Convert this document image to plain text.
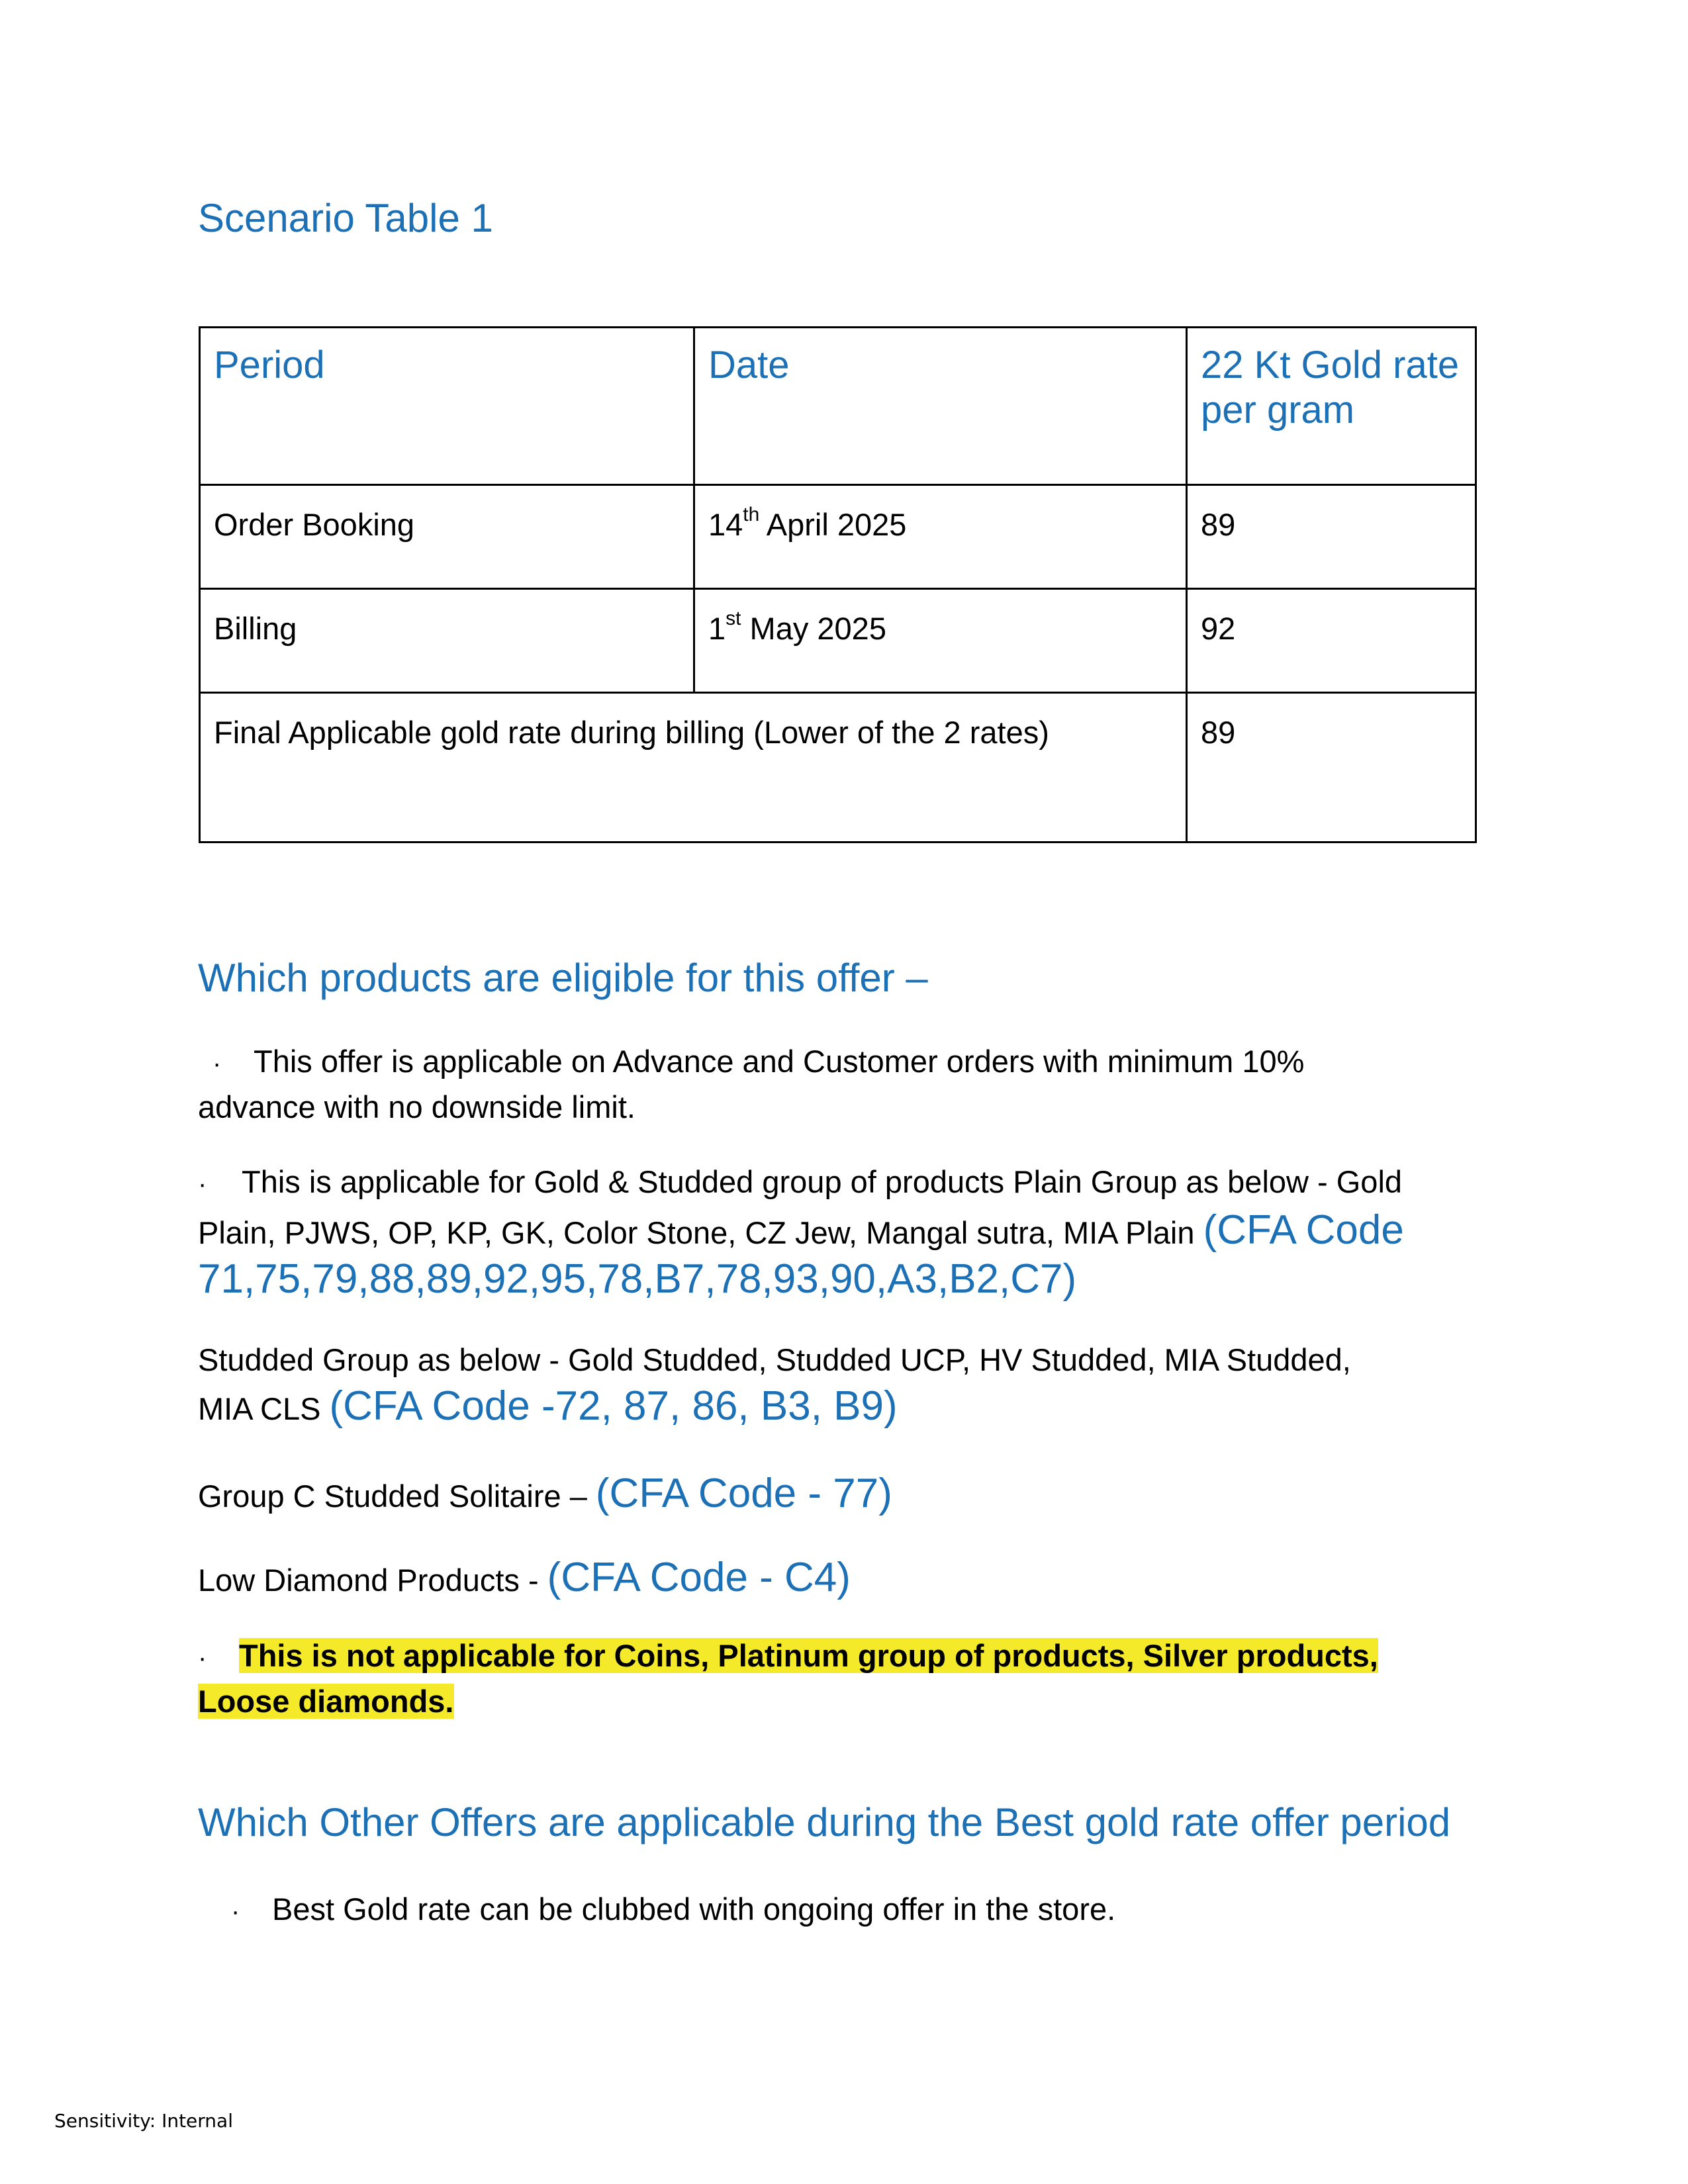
Scenario Table 1
Period	Date	22 Kt Gold rate per gram
Order Booking	14th April 2025	89
Billing	1st May 2025	92
Final Applicable gold rate during billing (Lower of the 2 rates)		89
Which products are eligible for this offer –
· This offer is applicable on Advance and Customer orders with minimum 10%
advance with no downside limit.
· This is applicable for Gold & Studded group of products Plain Group as below - Gold
Plain, PJWS, OP, KP, GK, Color Stone, CZ Jew, Mangal sutra, MIA Plain (CFA Code
71,75,79,88,89,92,95,78,B7,78,93,90,A3,B2,C7)
Studded Group as below - Gold Studded, Studded UCP, HV Studded, MIA Studded,
MIA CLS (CFA Code -72, 87, 86, B3, B9)
Group C Studded Solitaire – (CFA Code - 77)
Low Diamond Products - (CFA Code - C4)
· This is not applicable for Coins, Platinum group of products, Silver products,
Loose diamonds.
Which Other Offers are applicable during the Best gold rate offer period
· Best Gold rate can be clubbed with ongoing offer in the store.
Sensitivity: Internal
